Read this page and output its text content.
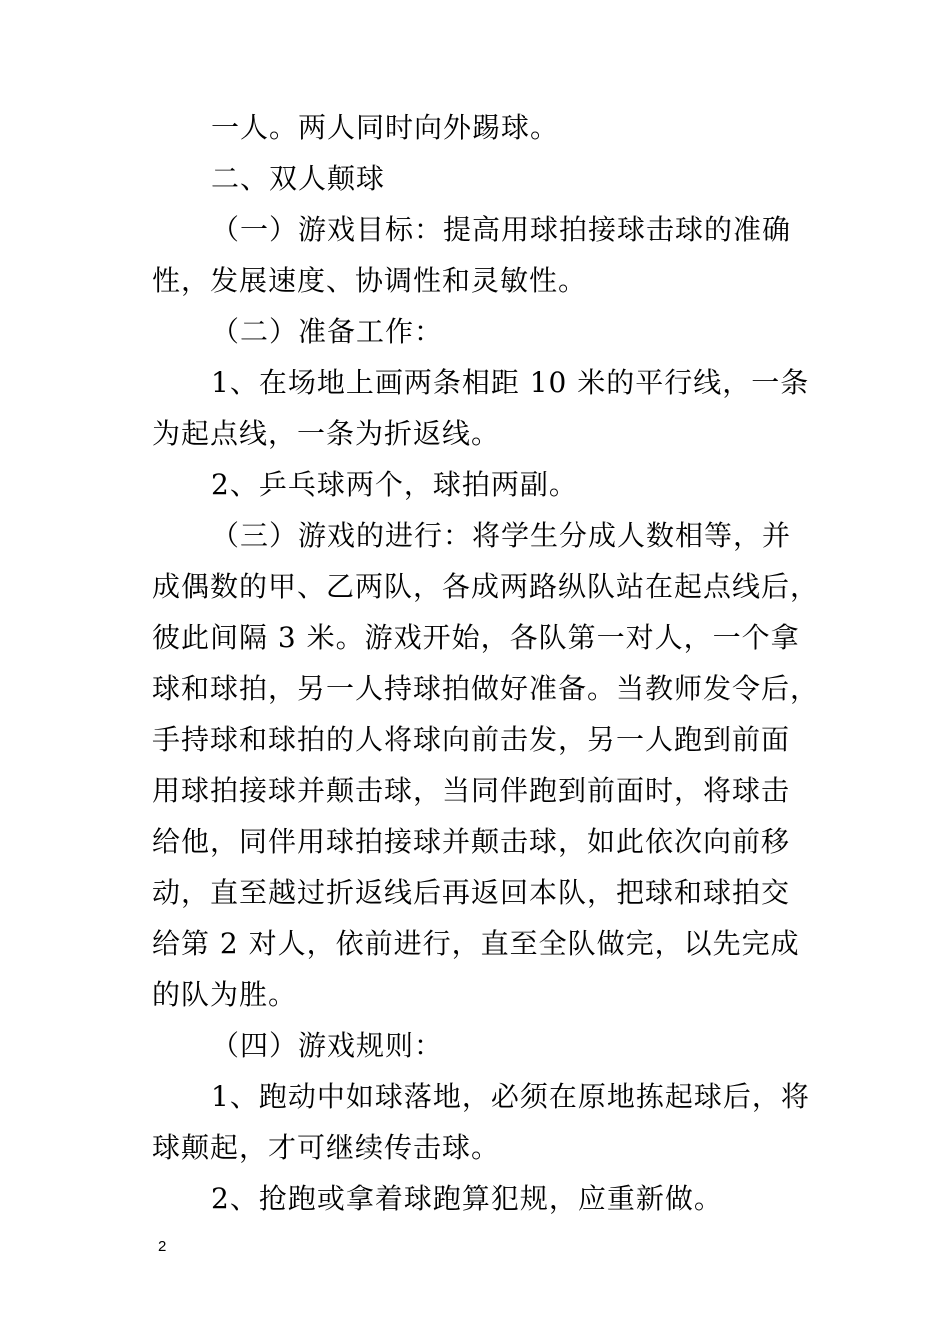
一人。两人同时向外踢球。
二、双人颠球
（一）游戏目标：提高用球拍接球击球的准确
性，发展速度、协调性和灵敏性。
（二）准备工作：
1、在场地上画两条相距 10 米的平行线，一条
为起点线，一条为折返线。
2、乒乓球两个，球拍两副。
（三）游戏的进行：将学生分成人数相等，并
成偶数的甲、乙两队，各成两路纵队站在起点线后，
彼此间隔 3 米。游戏开始，各队第一对人，一个拿
球和球拍，另一人持球拍做好准备。当教师发令后，
手持球和球拍的人将球向前击发，另一人跑到前面
用球拍接球并颠击球，当同伴跑到前面时，将球击
给他，同伴用球拍接球并颠击球，如此依次向前移
动，直至越过折返线后再返回本队，把球和球拍交
给第 2 对人，依前进行，直至全队做完，以先完成
的队为胜。
（四）游戏规则：
1、跑动中如球落地，必须在原地拣起球后，将
球颠起，才可继续传击球。
2、抢跑或拿着球跑算犯规，应重新做。
2
